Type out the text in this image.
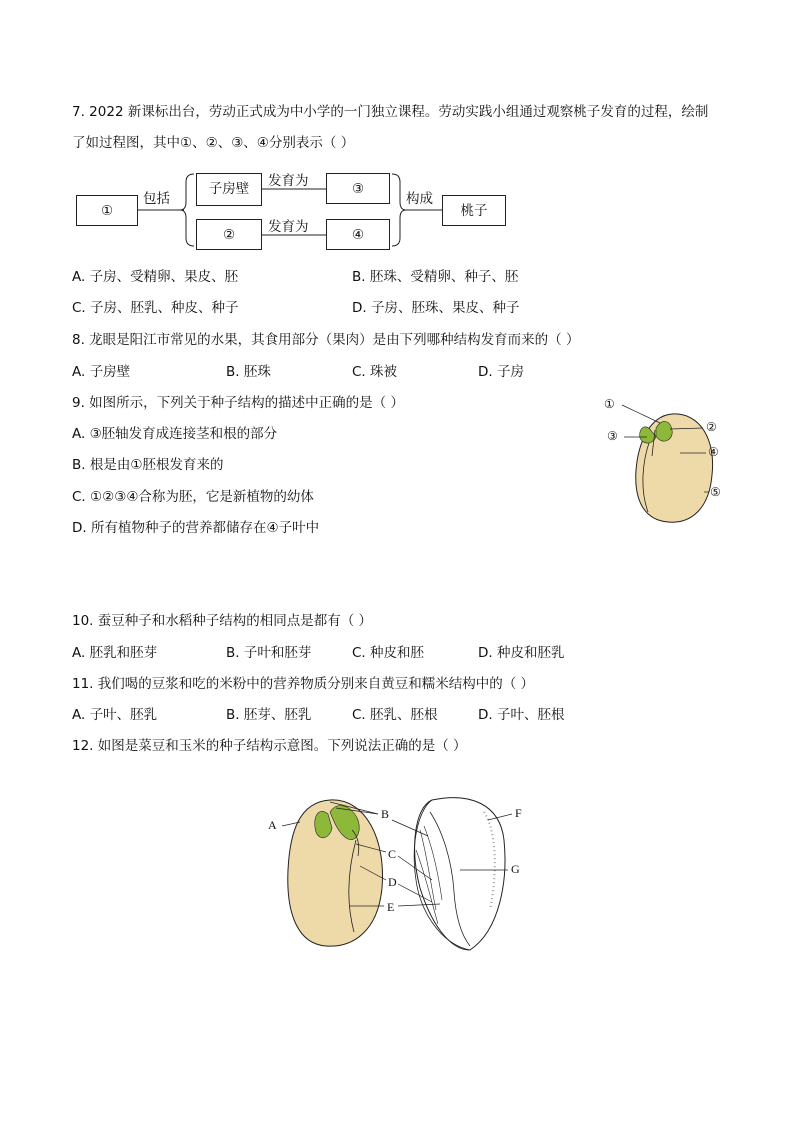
7. 2022 新课标出台，劳动正式成为中小学的一门独立课程。劳动实践小组通过观察桃子发育的过程，绘制
了如过程图，其中①、②、③、④分别表示（ ）
①
包括
子房壁	发育为	③
②	发育为	④
构成
桃子
A. 子房、受精卵、果皮、胚	B. 胚珠、受精卵、种子、胚
C. 子房、胚乳、种皮、种子	D. 子房、胚珠、果皮、种子
8. 龙眼是阳江市常见的水果，其食用部分（果肉）是由下列哪种结构发育而来的（ ）
A. 子房壁	B. 胚珠	C. 珠被	D. 子房
9. 如图所示，下列关于种子结构的描述中正确的是（ ）
A. ③胚轴发育成连接茎和根的部分
B. 根是由①胚根发育来的
C. ①②③④合称为胚，它是新植物的幼体
D. 所有植物种子的营养都储存在④子叶中
①
②
③
④
⑤
10. 蚕豆种子和水稻种子结构的相同点是都有（ ）
A. 胚乳和胚芽	B. 子叶和胚芽	C. 种皮和胚	D. 种皮和胚乳
11. 我们喝的豆浆和吃的米粉中的营养物质分别来自黄豆和糯米结构中的（ ）
A. 子叶、胚乳	B. 胚芽、胚乳	C. 胚乳、胚根	D. 子叶、胚根
12. 如图是菜豆和玉米的种子结构示意图。下列说法正确的是（ ）
A
B
C
D
E
F
G
